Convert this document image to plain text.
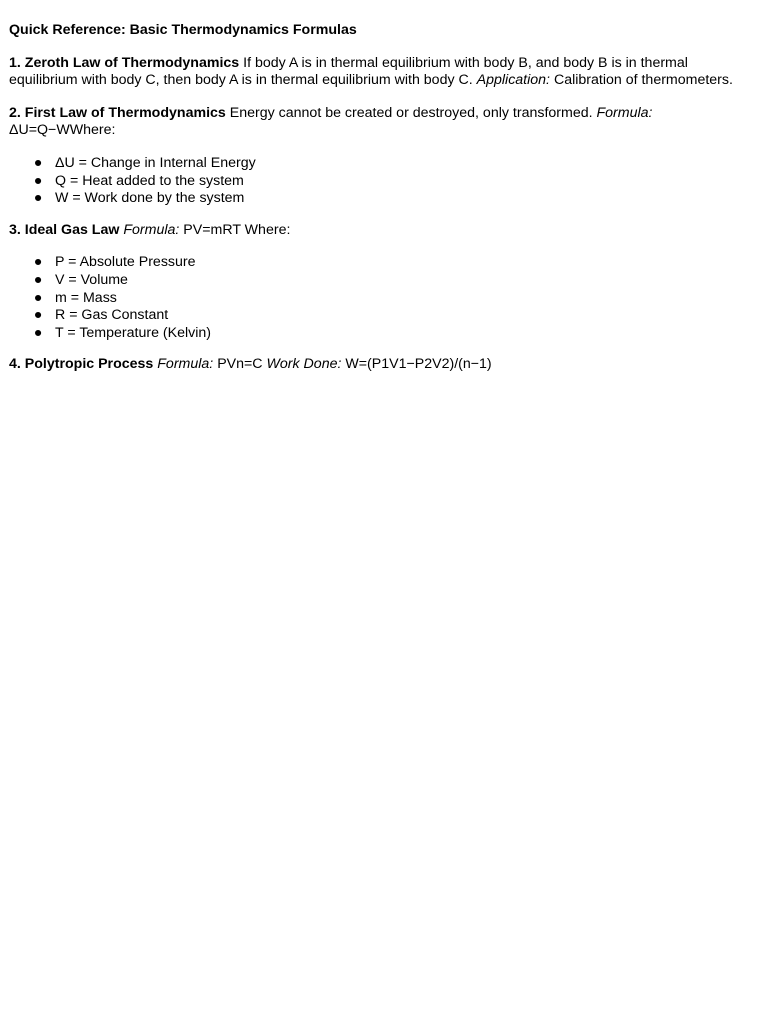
Quick Reference: Basic Thermodynamics Formulas
1. Zeroth Law of Thermodynamics If body A is in thermal equilibrium with body B, and body B is in thermal equilibrium with body C, then body A is in thermal equilibrium with body C. Application: Calibration of thermometers.
2. First Law of Thermodynamics Energy cannot be created or destroyed, only transformed. Formula:
ΔU=Q−WWhere:
● ΔU = Change in Internal Energy
● Q = Heat added to the system
● W = Work done by the system
3. Ideal Gas Law Formula: PV=mRT Where:
● P = Absolute Pressure
● V = Volume
● m = Mass
● R = Gas Constant
● T = Temperature (Kelvin)
4. Polytropic Process Formula: PVn=C Work Done: W=(P1V1−P2V2)/(n−1)
